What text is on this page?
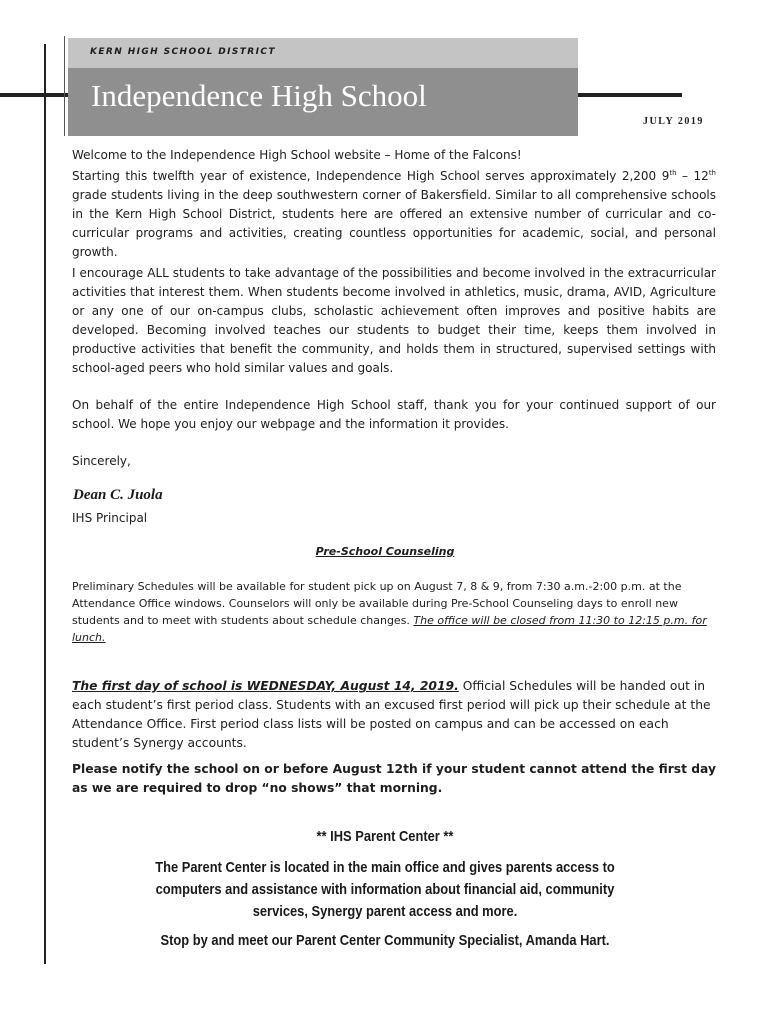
KERN HIGH SCHOOL DISTRICT
Independence High School
JULY 2019

Welcome to the Independence High School website – Home of the Falcons!

Starting this twelfth year of existence, Independence High School serves approximately 2,200 9th – 12th grade students living in the deep southwestern corner of Bakersfield. Similar to all comprehensive schools in the Kern High School District, students here are offered an extensive number of curricular and co-curricular programs and activities, creating countless opportunities for academic, social, and personal growth.

I encourage ALL students to take advantage of the possibilities and become involved in the extracurricular activities that interest them. When students become involved in athletics, music, drama, AVID, Agriculture or any one of our on-campus clubs, scholastic achievement often improves and positive habits are developed. Becoming involved teaches our students to budget their time, keeps them involved in productive activities that benefit the community, and holds them in structured, supervised settings with school-aged peers who hold similar values and goals.

On behalf of the entire Independence High School staff, thank you for your continued support of our school. We hope you enjoy our webpage and the information it provides.

Sincerely,

Dean C. Juola

IHS Principal

Pre-School Counseling

Preliminary Schedules will be available for student pick up on August 7, 8 & 9, from 7:30 a.m.-2:00 p.m. at the Attendance Office windows. Counselors will only be available during Pre-School Counseling days to enroll new students and to meet with students about schedule changes. The office will be closed from 11:30 to 12:15 p.m. for lunch.

The first day of school is WEDNESDAY, August 14, 2019. Official Schedules will be handed out in each student’s first period class. Students with an excused first period will pick up their schedule at the Attendance Office. First period class lists will be posted on campus and can be accessed on each student’s Synergy accounts.

Please notify the school on or before August 12th if your student cannot attend the first day as we are required to drop “no shows” that morning.

** IHS Parent Center **
The Parent Center is located in the main office and gives parents access to computers and assistance with information about financial aid, community services, Synergy parent access and more.
Stop by and meet our Parent Center Community Specialist, Amanda Hart.
